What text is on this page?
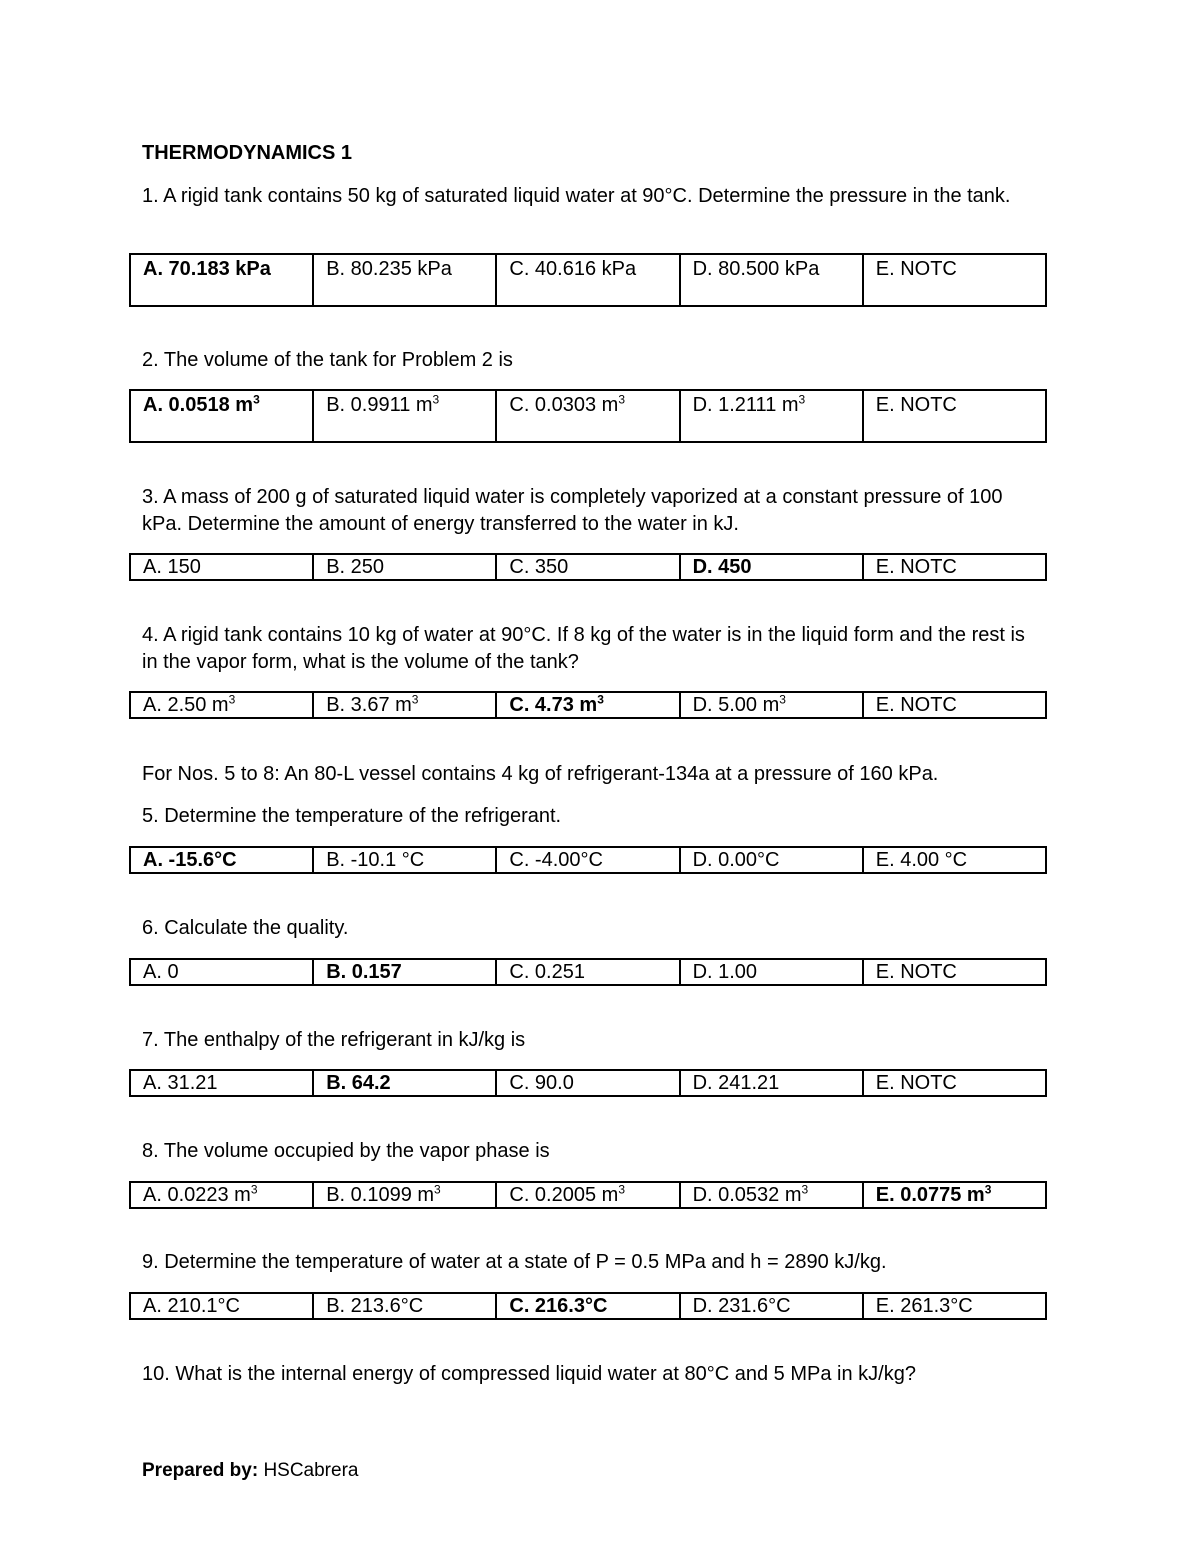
THERMODYNAMICS 1
1. A rigid tank contains 50 kg of saturated liquid water at 90°C. Determine the pressure in the tank.
A. 70.183 kPa	B. 80.235 kPa	C. 40.616 kPa	D. 80.500 kPa	E. NOTC
2. The volume of the tank for Problem 2 is
A. 0.0518 $m^3$	B. 0.9911 $m^3$	C. 0.0303 $m^3$	D. 1.2111 $m^3$	E. NOTC
3. A mass of 200 g of saturated liquid water is completely vaporized at a constant pressure of 100 kPa. Determine the amount of energy transferred to the water in kJ.
A. 150	B. 250	C. 350	D. 450	E. NOTC
4. A rigid tank contains 10 kg of water at 90°C. If 8 kg of the water is in the liquid form and the rest is in the vapor form, what is the volume of the tank?
A. 2.50 $m^3$	B. 3.67 $m^3$	C. 4.73 $m^3$	D. 5.00 $m^3$	E. NOTC
For Nos. 5 to 8: An 80-L vessel contains 4 kg of refrigerant-134a at a pressure of 160 kPa.
5. Determine the temperature of the refrigerant.
A. -15.6°C	B. -10.1 °C	C. -4.00°C	D. 0.00°C	E. 4.00 °C
6. Calculate the quality.
A. 0	B. 0.157	C. 0.251	D. 1.00	E. NOTC
7. The enthalpy of the refrigerant in kJ/kg is
A. 31.21	B. 64.2	C. 90.0	D. 241.21	E. NOTC
8. The volume occupied by the vapor phase is
A. 0.0223 $m^3$	B. 0.1099 $m^3$	C. 0.2005 $m^3$	D. 0.0532 $m^3$	E. 0.0775 $m^3$
9. Determine the temperature of water at a state of P = 0.5 MPa and h = 2890 kJ/kg.
A. 210.1°C	B. 213.6°C	C. 216.3°C	D. 231.6°C	E. 261.3°C
10. What is the internal energy of compressed liquid water at 80°C and 5 MPa in kJ/kg?
Prepared by: HSCabrera
